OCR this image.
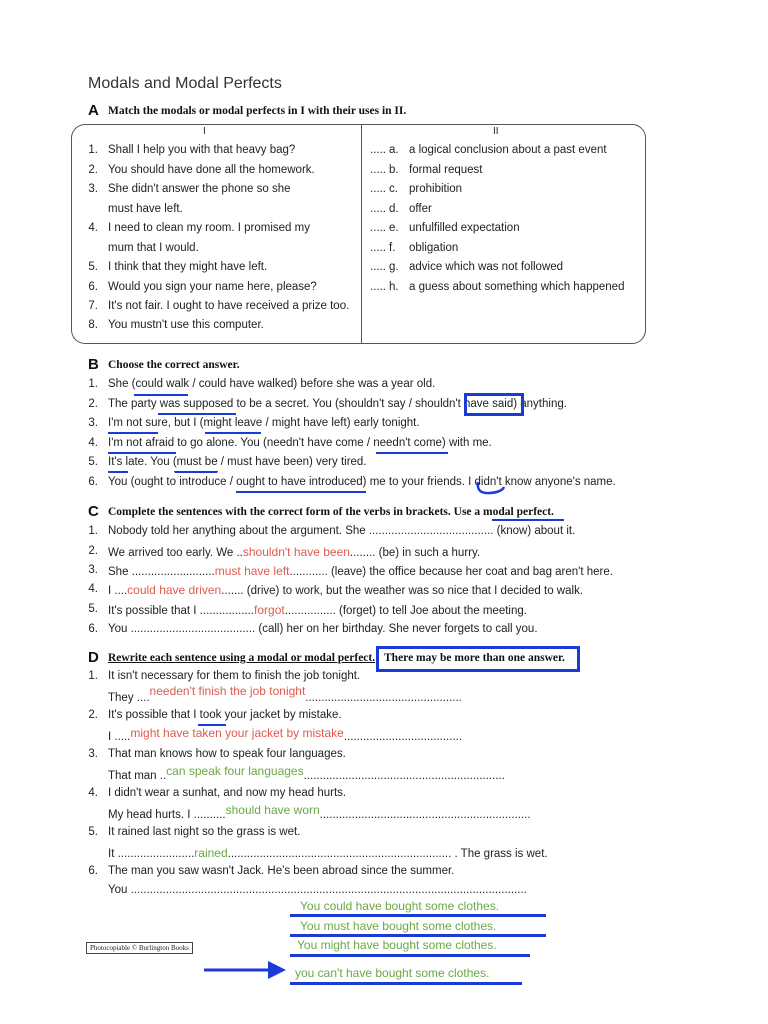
Modals and Modal Perfects
A Match the modals or modal perfects in I with their uses in II.
I	II
1. Shall I help you with that heavy bag?
2. You should have done all the homework.
3. She didn't answer the phone so she
must have left.
4. I need to clean my room. I promised my
mum that I would.
5. I think that they might have left.
6. Would you sign your name here, please?
7. It's not fair. I ought to have received a prize too.
8. You mustn't use this computer.
..... a. a logical conclusion about a past event
..... b. formal request
..... c. prohibition
..... d. offer
..... e. unfulfilled expectation
..... f. obligation
..... g. advice which was not followed
..... h. a guess about something which happened
B Choose the correct answer.
1. She (could walk / could have walked) before she was a year old.
2. The party was supposed to be a secret. You (shouldn't say / shouldn't have said) anything.
3. I'm not sure, but I (might leave / might have left) early tonight.
4. I'm not afraid to go alone. You (needn't have come / needn't come) with me.
5. It's late. You (must be / must have been) very tired.
6. You (ought to introduce / ought to have introduced) me to your friends. I didn't know anyone's name.
C Complete the sentences with the correct form of the verbs in brackets. Use a modal perfect.
1. Nobody told her anything about the argument. She ....................................... (know) about it.
2. We arrived too early. We ..shouldn't have been........ (be) in such a hurry.
3. She ..........................must have left............ (leave) the office because her coat and bag aren't here.
4. I ....could have driven....... (drive) to work, but the weather was so nice that I decided to walk.
5. It's possible that I .................forgot................ (forget) to tell Joe about the meeting.
6. You ....................................... (call) her on her birthday. She never forgets to call you.
D Rewrite each sentence using a modal or modal perfect. There may be more than one answer.
1. It isn't necessary for them to finish the job tonight.
They ....needen't finish the job tonight.................................................
2. It's possible that I took your jacket by mistake.
I .....might have taken your jacket by mistake.....................................
3. That man knows how to speak four languages.
That man ..can speak four languages...............................................................
4. I didn't wear a sunhat, and now my head hurts.
My head hurts. I ..........should have worn..................................................................
5. It rained last night so the grass is wet.
It ........................rained...................................................................... . The grass is wet.
6. The man you saw wasn't Jack. He's been abroad since the summer.
You ............................................................................................................................
You could have bought some clothes.
You must have bought some clothes.
You might have bought some clothes.
you can't have bought some clothes.
Photocopiable © Burlington Books
